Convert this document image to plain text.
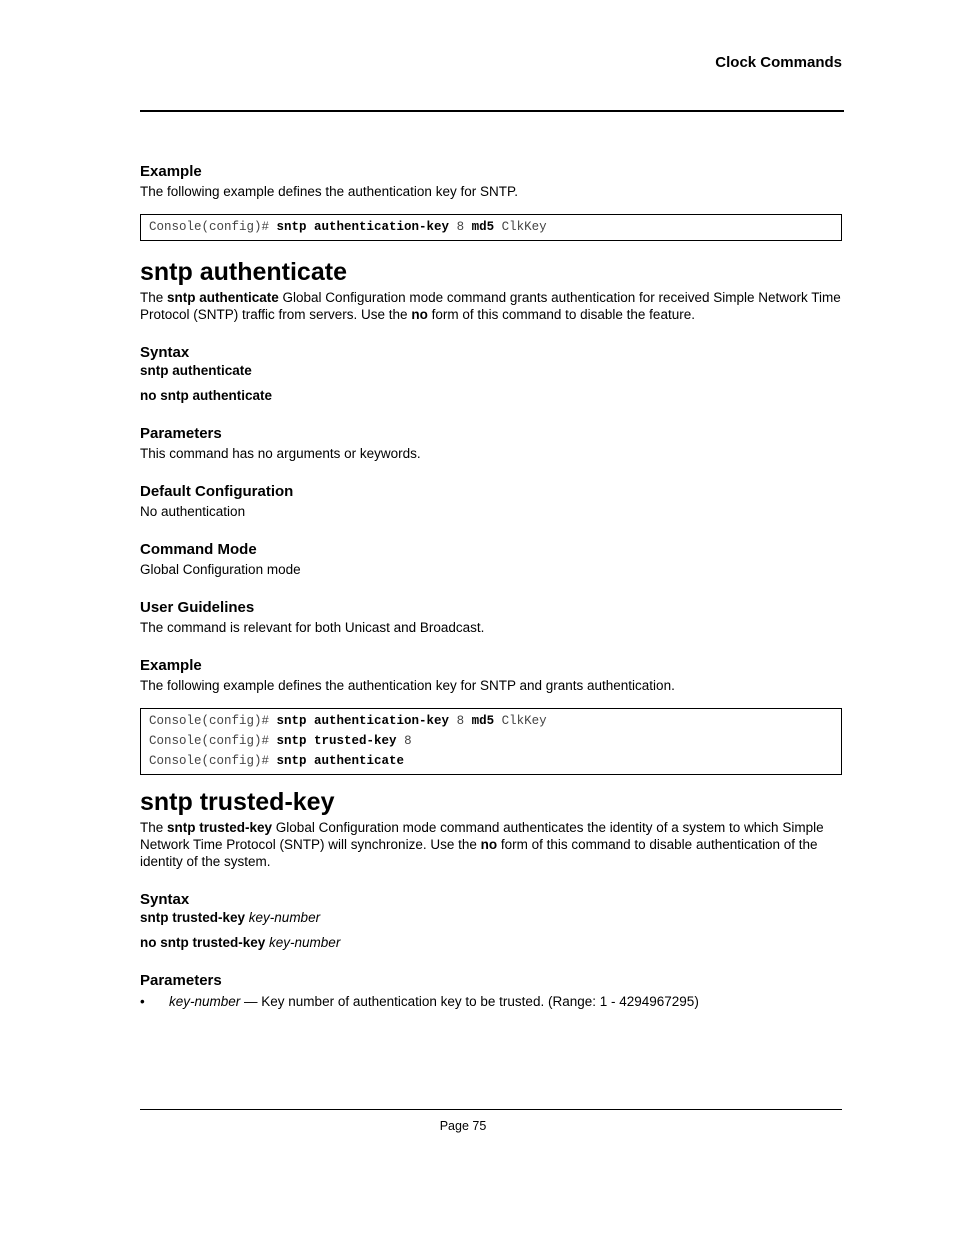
Clock Commands

Example

The following example defines the authentication key for SNTP.

Console(config)# sntp authentication-key 8 md5 ClkKey
sntp authenticate

The sntp authenticate Global Configuration mode command grants authentication for received Simple Network Time Protocol (SNTP) traffic from servers. Use the no form of this command to disable the feature.

Syntax

sntp authenticate

no sntp authenticate

Parameters

This command has no arguments or keywords.

Default Configuration

No authentication

Command Mode

Global Configuration mode

User Guidelines

The command is relevant for both Unicast and Broadcast.

Example

The following example defines the authentication key for SNTP and grants authentication.

Console(config)# sntp authentication-key 8 md5 ClkKey
Console(config)# sntp trusted-key 8
Console(config)# sntp authenticate
sntp trusted-key

The sntp trusted-key Global Configuration mode command authenticates the identity of a system to which Simple Network Time Protocol (SNTP) will synchronize. Use the no form of this command to disable authentication of the identity of the system.

Syntax

sntp trusted-key key-number

no sntp trusted-key key-number

Parameters

•	key-number — Key number of authentication key to be trusted. (Range: 1 - 4294967295)

Page 75
